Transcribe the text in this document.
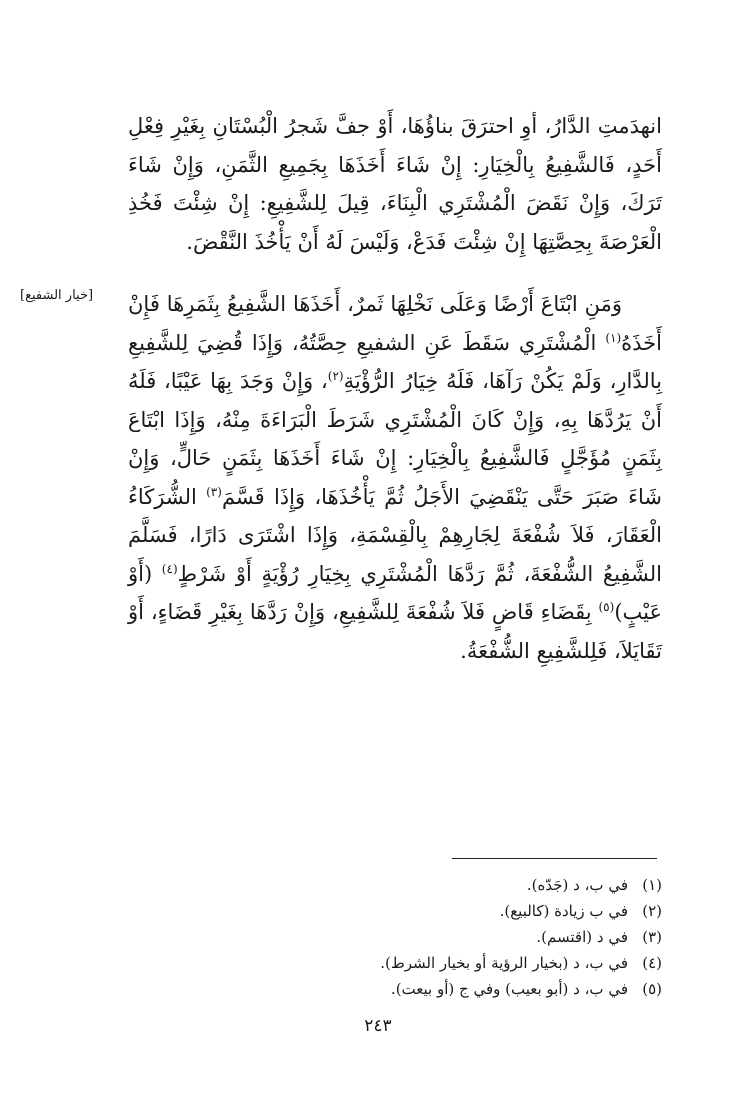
انهدَمتِ الدَّارُ، أوِ احترَقَ بناؤُهَا، أَوْ جفَّ شَجرُ الْبُسْتَانِ بِغَيْرِ فِعْلِ أَحَدٍ، فَالشَّفِيعُ بِالْخِيَارِ: إِنْ شَاءَ أَخَذَهَا بِجَمِيعِ الثَّمَنِ، وَإِنْ شَاءَ تَرَكَ، وَإِنْ نَقَضَ الْمُشْتَرِي الْبِنَاءَ، قِيلَ لِلشَّفِيعِ: إِنْ شِئْتَ فَخُذِ الْعَرْصَةَ بِحِصَّتِهَا إِنْ شِئْتَ فَدَعْ، وَلَيْسَ لَهُ أَنْ يَأْخُذَ النَّقْضَ.

[خيار الشفيع]	وَمَنِ ابْتَاعَ أَرْضًا وَعَلَى نَخْلِهَا ثَمرٌ، أَخَذَهَا الشَّفِيعُ بِثَمَرِهَا فَإِنْ أَخَذَهُ$^{(١)}$ الْمُشْتَرِي سَقَطَ عَنِ الشفيعِ حِصَّتُهُ، وَإِذَا قُضِيَ لِلشَّفِيعِ بِالدَّارِ، وَلَمْ يَكُنْ رَآهَا، فَلَهُ خِيَارُ الرُّؤْيَةِ$^{(٢)}$، وَإِنْ وَجَدَ بِهَا عَيْبًا، فَلَهُ أَنْ يَرُدَّهَا بِهِ، وَإِنْ كَانَ الْمُشْتَرِي شَرَطَ الْبَرَاءَةَ مِنْهُ، وَإِذَا ابْتَاعَ بِثَمَنٍ مُؤَجَّلٍ فَالشَّفِيعُ بِالْخِيَارِ: إِنْ شَاءَ أَخَذَهَا بِثَمَنٍ حَالٍّ، وَإِنْ شَاءَ صَبَرَ حَتَّى يَنْقَضِيَ الأَجَلُ ثُمَّ يَأْخُذَهَا، وَإِذَا قَسَّمَ$^{(٣)}$ الشُّرَكَاءُ الْعَقَارَ، فَلاَ شُفْعَةَ لِجَارِهِمْ بِالْقِسْمَةِ، وَإِذَا اشْتَرَى دَارًا، فَسَلَّمَ الشَّفِيعُ الشُّفْعَةَ، ثُمَّ رَدَّهَا الْمُشْتَرِي بِخِيَارِ رُؤْيَةٍ أَوْ شَرْطٍ$^{(٤)}$ (أَوْ عَيْبٍ)$^{(٥)}$ بِقَضَاءِ قَاضٍ فَلاَ شُفْعَةَ لِلشَّفِيعِ، وَإِنْ رَدَّهَا بِغَيْرِ قَضَاءٍ، أَوْ تَقَايَلاَ، فَلِلشَّفِيعِ الشُّفْعَةُ.

(١)في ب، د (جَدّه).
(٢)في ب زيادة (كالبيع).
(٣)في د (اقتسم).
(٤)في ب، د (بخيار الرؤية أو بخيار الشرط).
(٥)في ب، د (أبو بعيب) وفي ج (أو بيعت).
٢٤٣
